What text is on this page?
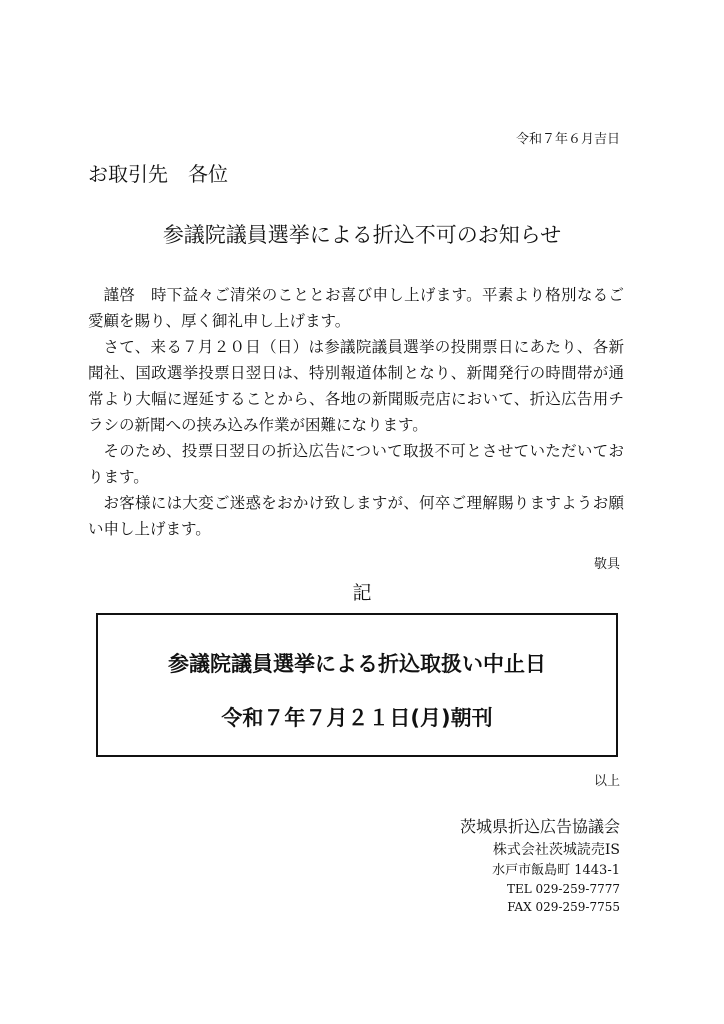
令和７年６月吉日
お取引先　各位
参議院議員選挙による折込不可のお知らせ

謹啓　時下益々ご清栄のこととお喜び申し上げます。平素より格別なるご愛顧を賜り、厚く御礼申し上げます。

さて、来る７月２０日（日）は参議院議員選挙の投開票日にあたり、各新聞社、国政選挙投票日翌日は、特別報道体制となり、新聞発行の時間帯が通常より大幅に遅延することから、各地の新聞販売店において、折込広告用チラシの新聞への挟み込み作業が困難になります。

そのため、投票日翌日の折込広告について取扱不可とさせていただいております。

お客様には大変ご迷惑をおかけ致しますが、何卒ご理解賜りますようお願い申し上げます。

敬具
記
参議院議員選挙による折込取扱い中止日
令和７年７月２１日(月)朝刊
以上
茨城県折込広告協議会
株式会社茨城読売IS
水戸市飯島町 1443-1
TEL 029-259-7777
FAX 029-259-7755
